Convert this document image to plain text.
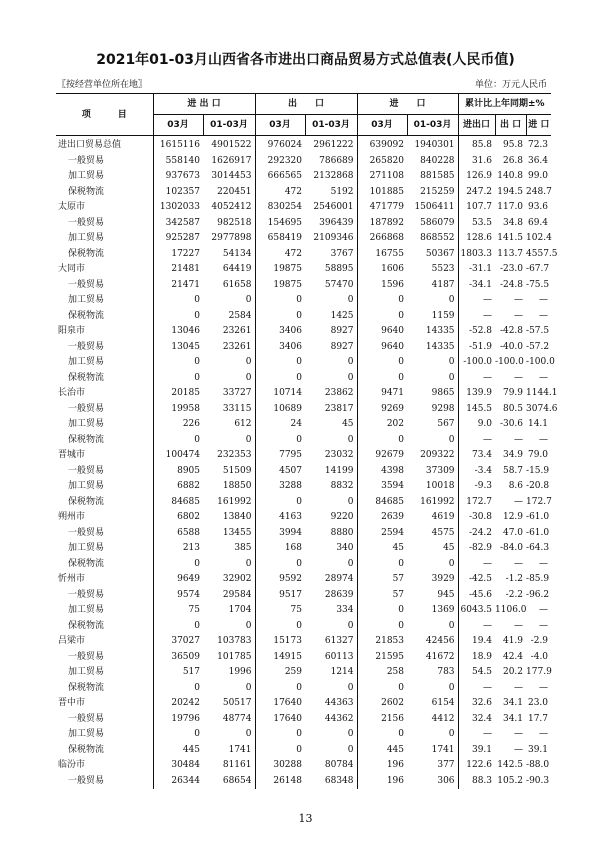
2021年01-03月山西省各市进出口商品贸易方式总值表(人民币值)
〖按经营单位所在地〗	单位：万元人民币
项　　　目	进 出 口		出　　口		进　　口		累计比上年同期±%		
	03月	01-03月	03月	01-03月	03月	01-03月	进出口	出 口	进 口
进出口贸易总值	1615116	4901522	976024	2961222	639092	1940301	85.8	95.8	72.3
一般贸易	558140	1626917	292320	786689	265820	840228	31.6	26.8	36.4
加工贸易	937673	3014453	666565	2132868	271108	881585	126.9	140.8	99.0
保税物流	102357	220451	472	5192	101885	215259	247.2	194.5	248.7
太原市	1302033	4052412	830254	2546001	471779	1506411	107.7	117.0	93.6
一般贸易	342587	982518	154695	396439	187892	586079	53.5	34.8	69.4
加工贸易	925287	2977898	658419	2109346	266868	868552	128.6	141.5	102.4
保税物流	17227	54134	472	3767	16755	50367	1803.3	113.7	4557.5
大同市	21481	64419	19875	58895	1606	5523	-31.1	-23.0	-67.7
一般贸易	21471	61658	19875	57470	1596	4187	-34.1	-24.8	-75.5
加工贸易	0	0	0	0	0	0	—	—	—
保税物流	0	2584	0	1425	0	1159	—	—	—
阳泉市	13046	23261	3406	8927	9640	14335	-52.8	-42.8	-57.5
一般贸易	13045	23261	3406	8927	9640	14335	-51.9	-40.0	-57.2
加工贸易	0	0	0	0	0	0	-100.0	-100.0	-100.0
保税物流	0	0	0	0	0	0	—	—	—
长治市	20185	33727	10714	23862	9471	9865	139.9	79.9	1144.1
一般贸易	19958	33115	10689	23817	9269	9298	145.5	80.5	3074.6
加工贸易	226	612	24	45	202	567	9.0	-30.6	14.1
保税物流	0	0	0	0	0	0	—	—	—
晋城市	100474	232353	7795	23032	92679	209322	73.4	34.9	79.0
一般贸易	8905	51509	4507	14199	4398	37309	-3.4	58.7	-15.9
加工贸易	6882	18850	3288	8832	3594	10018	-9.3	8.6	-20.8
保税物流	84685	161992	0	0	84685	161992	172.7	—	172.7
朔州市	6802	13840	4163	9220	2639	4619	-30.8	12.9	-61.0
一般贸易	6588	13455	3994	8880	2594	4575	-24.2	47.0	-61.0
加工贸易	213	385	168	340	45	45	-82.9	-84.0	-64.3
保税物流	0	0	0	0	0	0	—	—	—
忻州市	9649	32902	9592	28974	57	3929	-42.5	-1.2	-85.9
一般贸易	9574	29584	9517	28639	57	945	-45.6	-2.2	-96.2
加工贸易	75	1704	75	334	0	1369	6043.5	1106.0	—
保税物流	0	0	0	0	0	0	—	—	—
吕梁市	37027	103783	15173	61327	21853	42456	19.4	41.9	-2.9
一般贸易	36509	101785	14915	60113	21595	41672	18.9	42.4	-4.0
加工贸易	517	1996	259	1214	258	783	54.5	20.2	177.9
保税物流	0	0	0	0	0	0	—	—	—
晋中市	20242	50517	17640	44363	2602	6154	32.6	34.1	23.0
一般贸易	19796	48774	17640	44362	2156	4412	32.4	34.1	17.7
加工贸易	0	0	0	0	0	0	—	—	—
保税物流	445	1741	0	0	445	1741	39.1	—	39.1
临汾市	30484	81161	30288	80784	196	377	122.6	142.5	-88.0
一般贸易	26344	68654	26148	68348	196	306	88.3	105.2	-90.3
13
